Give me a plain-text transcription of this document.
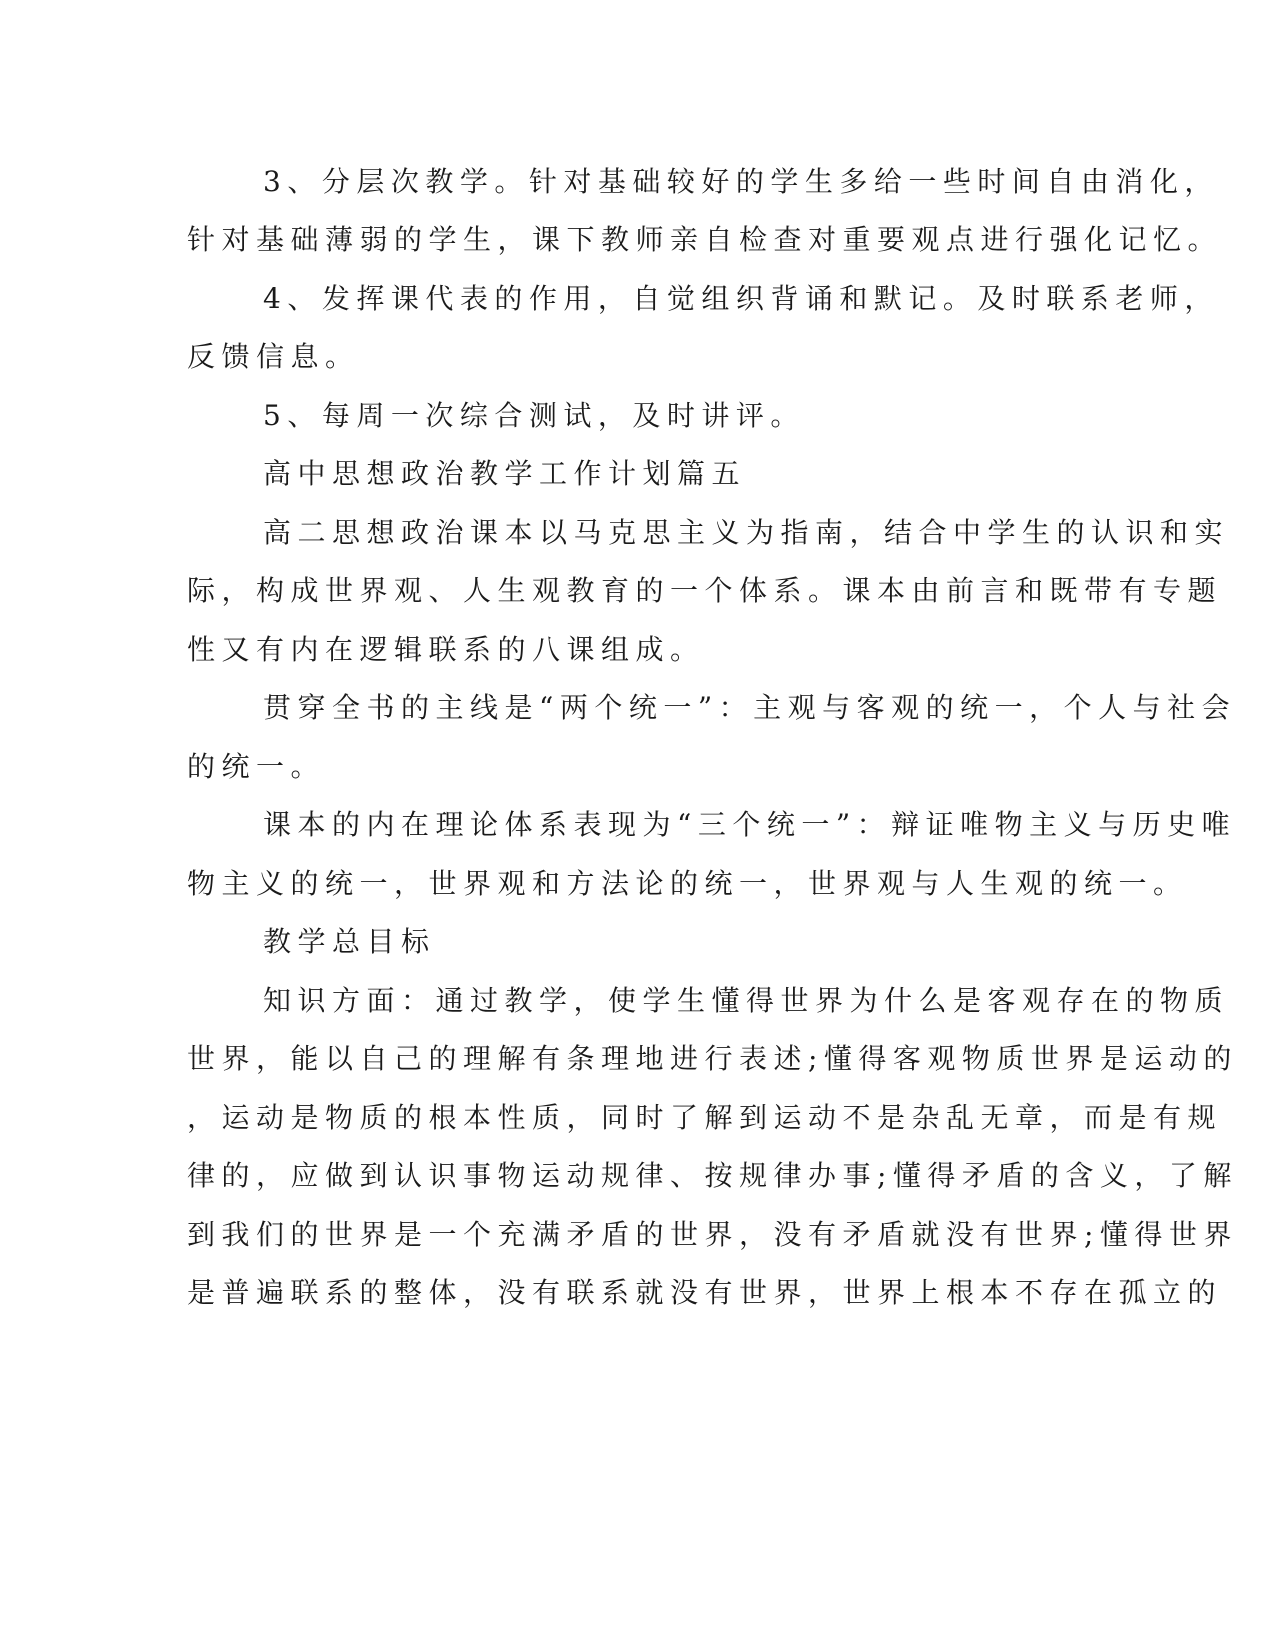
3、分层次教学。针对基础较好的学生多给一些时间自由消化，
针对基础薄弱的学生，课下教师亲自检查对重要观点进行强化记忆。
4、发挥课代表的作用，自觉组织背诵和默记。及时联系老师，
反馈信息。
5、每周一次综合测试，及时讲评。
高中思想政治教学工作计划篇五
高二思想政治课本以马克思主义为指南，结合中学生的认识和实
际，构成世界观、人生观教育的一个体系。课本由前言和既带有专题
性又有内在逻辑联系的八课组成。
贯穿全书的主线是“两个统一”：主观与客观的统一，个人与社会
的统一。
课本的内在理论体系表现为“三个统一”：辩证唯物主义与历史唯
物主义的统一，世界观和方法论的统一，世界观与人生观的统一。
教学总目标
知识方面：通过教学，使学生懂得世界为什么是客观存在的物质
世界，能以自己的理解有条理地进行表述;懂得客观物质世界是运动的
，运动是物质的根本性质，同时了解到运动不是杂乱无章，而是有规
律的，应做到认识事物运动规律、按规律办事;懂得矛盾的含义，了解
到我们的世界是一个充满矛盾的世界，没有矛盾就没有世界;懂得世界
是普遍联系的整体，没有联系就没有世界，世界上根本不存在孤立的
